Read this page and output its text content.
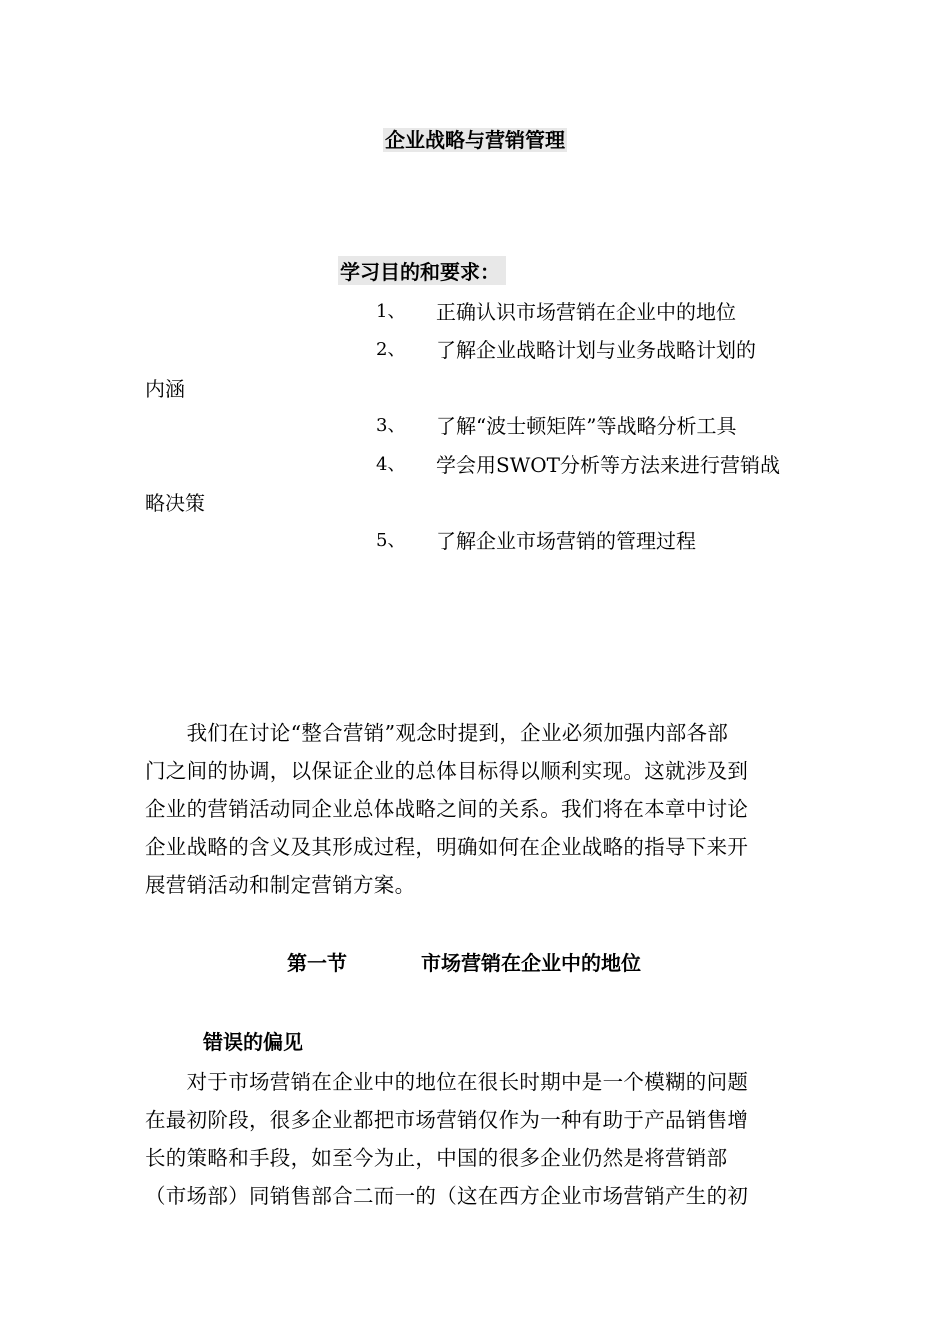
企业战略与营销管理
学习目的和要求：
1、 正确认识市场营销在企业中的地位
2、 了解企业战略计划与业务战略计划的
内涵
3、 了解“波士顿矩阵”等战略分析工具
4、 学会用SWOT分析等方法来进行营销战
略决策
5、 了解企业市场营销的管理过程
　　我们在讨论“整合营销”观念时提到，企业必须加强内部各部
门之间的协调，以保证企业的总体目标得以顺利实现。这就涉及到
企业的营销活动同企业总体战略之间的关系。我们将在本章中讨论
企业战略的含义及其形成过程，明确如何在企业战略的指导下来开
展营销活动和制定营销方案。
第一节	市场营销在企业中的地位
错误的偏见
　　对于市场营销在企业中的地位在很长时期中是一个模糊的问题
在最初阶段，很多企业都把市场营销仅作为一种有助于产品销售增
长的策略和手段，如至今为止，中国的很多企业仍然是将营销部
（市场部）同销售部合二而一的（这在西方企业市场营销产生的初
